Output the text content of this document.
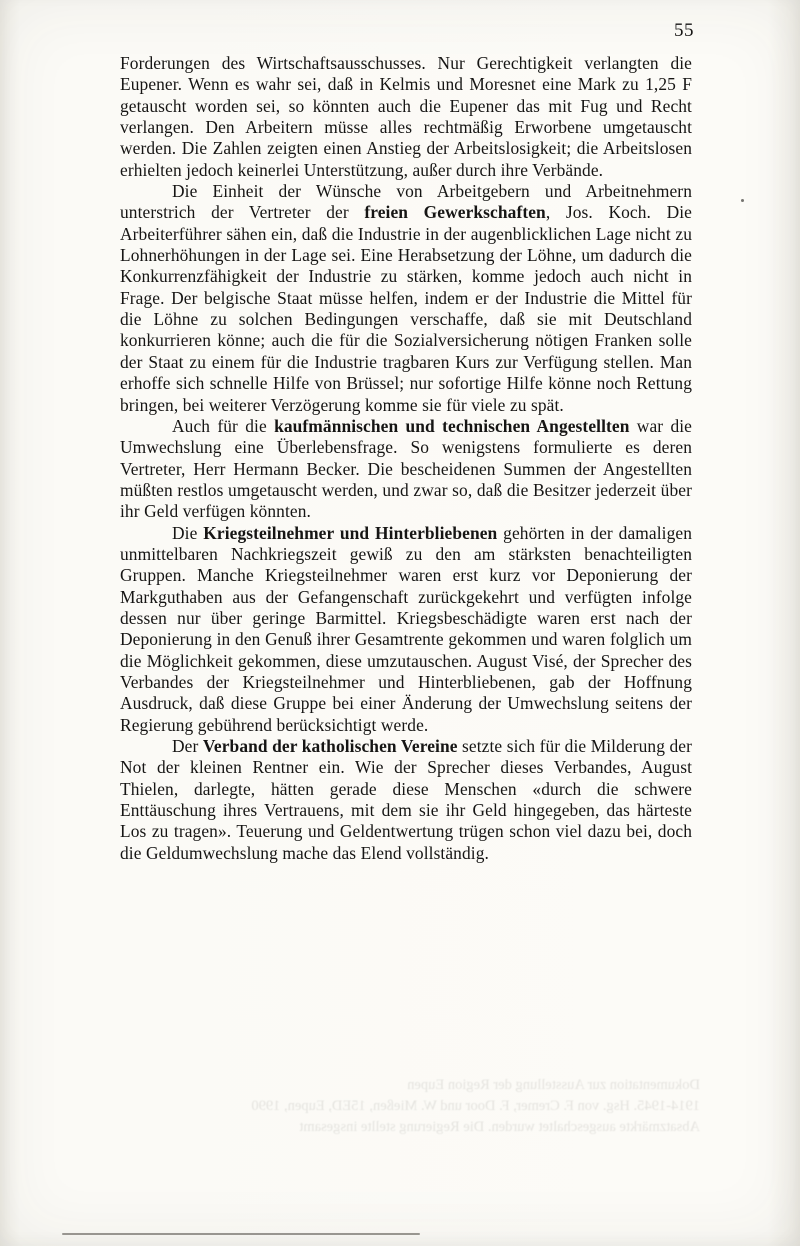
55

Forderungen des Wirtschaftsausschusses. Nur Gerechtigkeit verlangten die Eupener. Wenn es wahr sei, daß in Kelmis und Moresnet eine Mark zu 1,25 F getauscht worden sei, so könnten auch die Eupener das mit Fug und Recht verlangen. Den Arbeitern müsse alles rechtmäßig Erworbene umgetauscht werden. Die Zahlen zeigten einen Anstieg der Arbeitslosigkeit; die Arbeitslosen erhielten jedoch keinerlei Unterstützung, außer durch ihre Verbände.

Die Einheit der Wünsche von Arbeitgebern und Arbeitnehmern unterstrich der Vertreter der freien Gewerkschaften, Jos. Koch. Die Arbeiterführer sähen ein, daß die Industrie in der augenblicklichen Lage nicht zu Lohnerhöhungen in der Lage sei. Eine Herabsetzung der Löhne, um dadurch die Konkurrenzfähigkeit der Industrie zu stärken, komme jedoch auch nicht in Frage. Der belgische Staat müsse helfen, indem er der Industrie die Mittel für die Löhne zu solchen Bedingungen verschaffe, daß sie mit Deutschland konkurrieren könne; auch die für die Sozialversicherung nötigen Franken solle der Staat zu einem für die Industrie tragbaren Kurs zur Verfügung stellen. Man erhoffe sich schnelle Hilfe von Brüssel; nur sofortige Hilfe könne noch Rettung bringen, bei weiterer Verzögerung komme sie für viele zu spät.

Auch für die kaufmännischen und technischen Angestellten war die Umwechslung eine Überlebensfrage. So wenigstens formulierte es deren Vertreter, Herr Hermann Becker. Die bescheidenen Summen der Angestellten müßten restlos umgetauscht werden, und zwar so, daß die Besitzer jederzeit über ihr Geld verfügen könnten.

Die Kriegsteilnehmer und Hinterbliebenen gehörten in der damaligen unmittelbaren Nachkriegszeit gewiß zu den am stärksten benachteiligten Gruppen. Manche Kriegsteilnehmer waren erst kurz vor Deponierung der Markguthaben aus der Gefangenschaft zurückgekehrt und verfügten infolge dessen nur über geringe Barmittel. Kriegsbeschädigte waren erst nach der Deponierung in den Genuß ihrer Gesamtrente gekommen und waren folglich um die Möglichkeit gekommen, diese umzutauschen. August Visé, der Sprecher des Verbandes der Kriegsteilnehmer und Hinterbliebenen, gab der Hoffnung Ausdruck, daß diese Gruppe bei einer Änderung der Umwechslung seitens der Regierung gebührend berücksichtigt werde.

Der Verband der katholischen Vereine setzte sich für die Milderung der Not der kleinen Rentner ein. Wie der Sprecher dieses Verbandes, August Thielen, darlegte, hätten gerade diese Menschen «durch die schwere Enttäuschung ihres Vertrauens, mit dem sie ihr Geld hingegeben, das härteste Los zu tragen». Teuerung und Geldentwertung trügen schon viel dazu bei, doch die Geldumwechslung mache das Elend vollständig.

Dokumentation zur Ausstellung der Region Eupen
1914-1945. Hsg. von F. Cremer, F. Door und W. Mießen, 15ED, Eupen, 1990
Absatzmärkte ausgeschaltet wurden. Die Regierung stellte insgesamt
